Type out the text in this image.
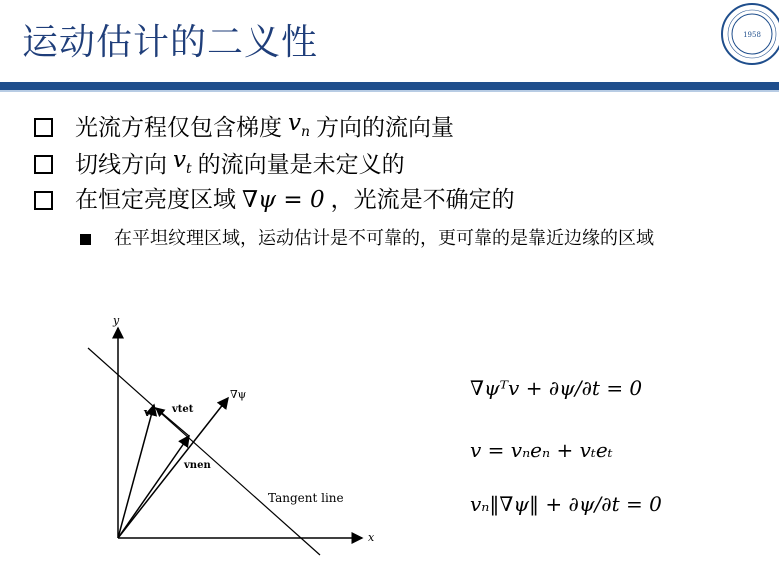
运动估计的二义性	1958
光流方程仅包含梯度 $v_n$ 方向的流向量
切线方向 $v_t$ 的流向量是未定义的
在恒定亮度区域 ∇ψ = 0 ，光流是不确定的
在平坦纹理区域，运动估计是不可靠的，更可靠的是靠近边缘的区域
y
x
v vtet
∇ψ
vnen
Tangent line
∇ψᵀv + ∂ψ/∂t = 0
v = vₙeₙ + vₜeₜ
vₙ‖∇ψ‖ + ∂ψ/∂t = 0
